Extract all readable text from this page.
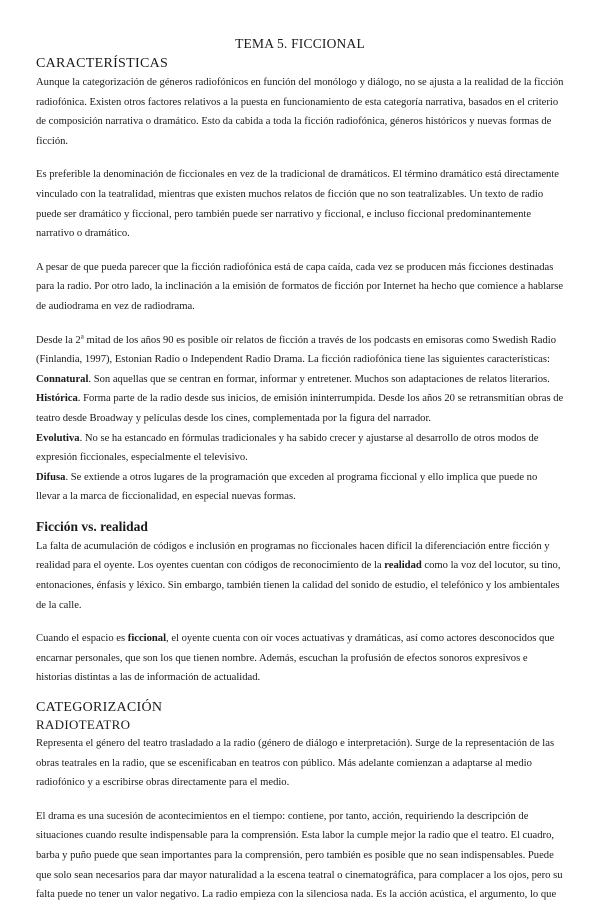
TEMA 5. FICCIONAL
CARACTERÍSTICAS

Aunque la categorización de géneros radiofónicos en función del monólogo y diálogo, no se ajusta a la realidad de la ficción radiofónica. Existen otros factores relativos a la puesta en funcionamiento de esta categoría narrativa, basados en el criterio de composición narrativa o dramático. Esto da cabida a toda la ficción radiofónica, géneros históricos y nuevas formas de ficción.

Es preferible la denominación de ficcionales en vez de la tradicional de dramáticos. El término dramático está directamente vinculado con la teatralidad, mientras que existen muchos relatos de ficción que no son teatralizables. Un texto de radio puede ser dramático y ficcional, pero también puede ser narrativo y ficcional, e incluso ficcional predominantemente narrativo o dramático.

A pesar de que pueda parecer que la ficción radiofónica está de capa caída, cada vez se producen más ficciones destinadas para la radio. Por otro lado, la inclinación a la emisión de formatos de ficción por Internet ha hecho que comience a hablarse de audiodrama en vez de radiodrama.

Desde la 2$^a$ mitad de los años 90 es posible oír relatos de ficción a través de los podcasts en emisoras como Swedish Radio (Finlandia, 1997), Estonian Radio o Independent Radio Drama. La ficción radiofónica tiene las siguientes características:

Connatural. Son aquellas que se centran en formar, informar y entretener. Muchos son adaptaciones de relatos literarios.

Histórica. Forma parte de la radio desde sus inicios, de emisión ininterrumpida. Desde los años 20 se retransmitían obras de teatro desde Broadway y películas desde los cines, complementada por la figura del narrador.

Evolutiva. No se ha estancado en fórmulas tradicionales y ha sabido crecer y ajustarse al desarrollo de otros modos de expresión ficcionales, especialmente el televisivo.

Difusa. Se extiende a otros lugares de la programación que exceden al programa ficcional y ello implica que puede no llevar a la marca de ficcionalidad, en especial nuevas formas.

Ficción vs. realidad

La falta de acumulación de códigos e inclusión en programas no ficcionales hacen difícil la diferenciación entre ficción y realidad para el oyente. Los oyentes cuentan con códigos de reconocimiento de la realidad como la voz del locutor, su tino, entonaciones, énfasis y léxico. Sin embargo, también tienen la calidad del sonido de estudio, el telefónico y los ambientales de la calle.

Cuando el espacio es ficcional, el oyente cuenta con oír voces actuativas y dramáticas, así como actores desconocidos que encarnar personales, que son los que tienen nombre. Además, escuchan la profusión de efectos sonoros expresivos e historias distintas a las de información de actualidad.

CATEGORIZACIÓN
RADIOTEATRO

Representa el género del teatro trasladado a la radio (género de diálogo e interpretación). Surge de la representación de las obras teatrales en la radio, que se escenificaban en teatros con público. Más adelante comienzan a adaptarse al medio radiofónico y a escribirse obras directamente para el medio.

El drama es una sucesión de acontecimientos en el tiempo: contiene, por tanto, acción, requiriendo la descripción de situaciones cuando resulte indispensable para la comprensión. Esta labor la cumple mejor la radio que el teatro. El cuadro, barba y puño puede que sean importantes para la comprensión, pero también es posible que no sean indispensables. Puede que solo sean necesarios para dar mayor naturalidad a la escena teatral o cinematográfica, para complacer a los ojos, pero su falta puede no tener un valor negativo. La radio empieza con la silenciosa nada. Es la acción acústica, el argumento, lo que
